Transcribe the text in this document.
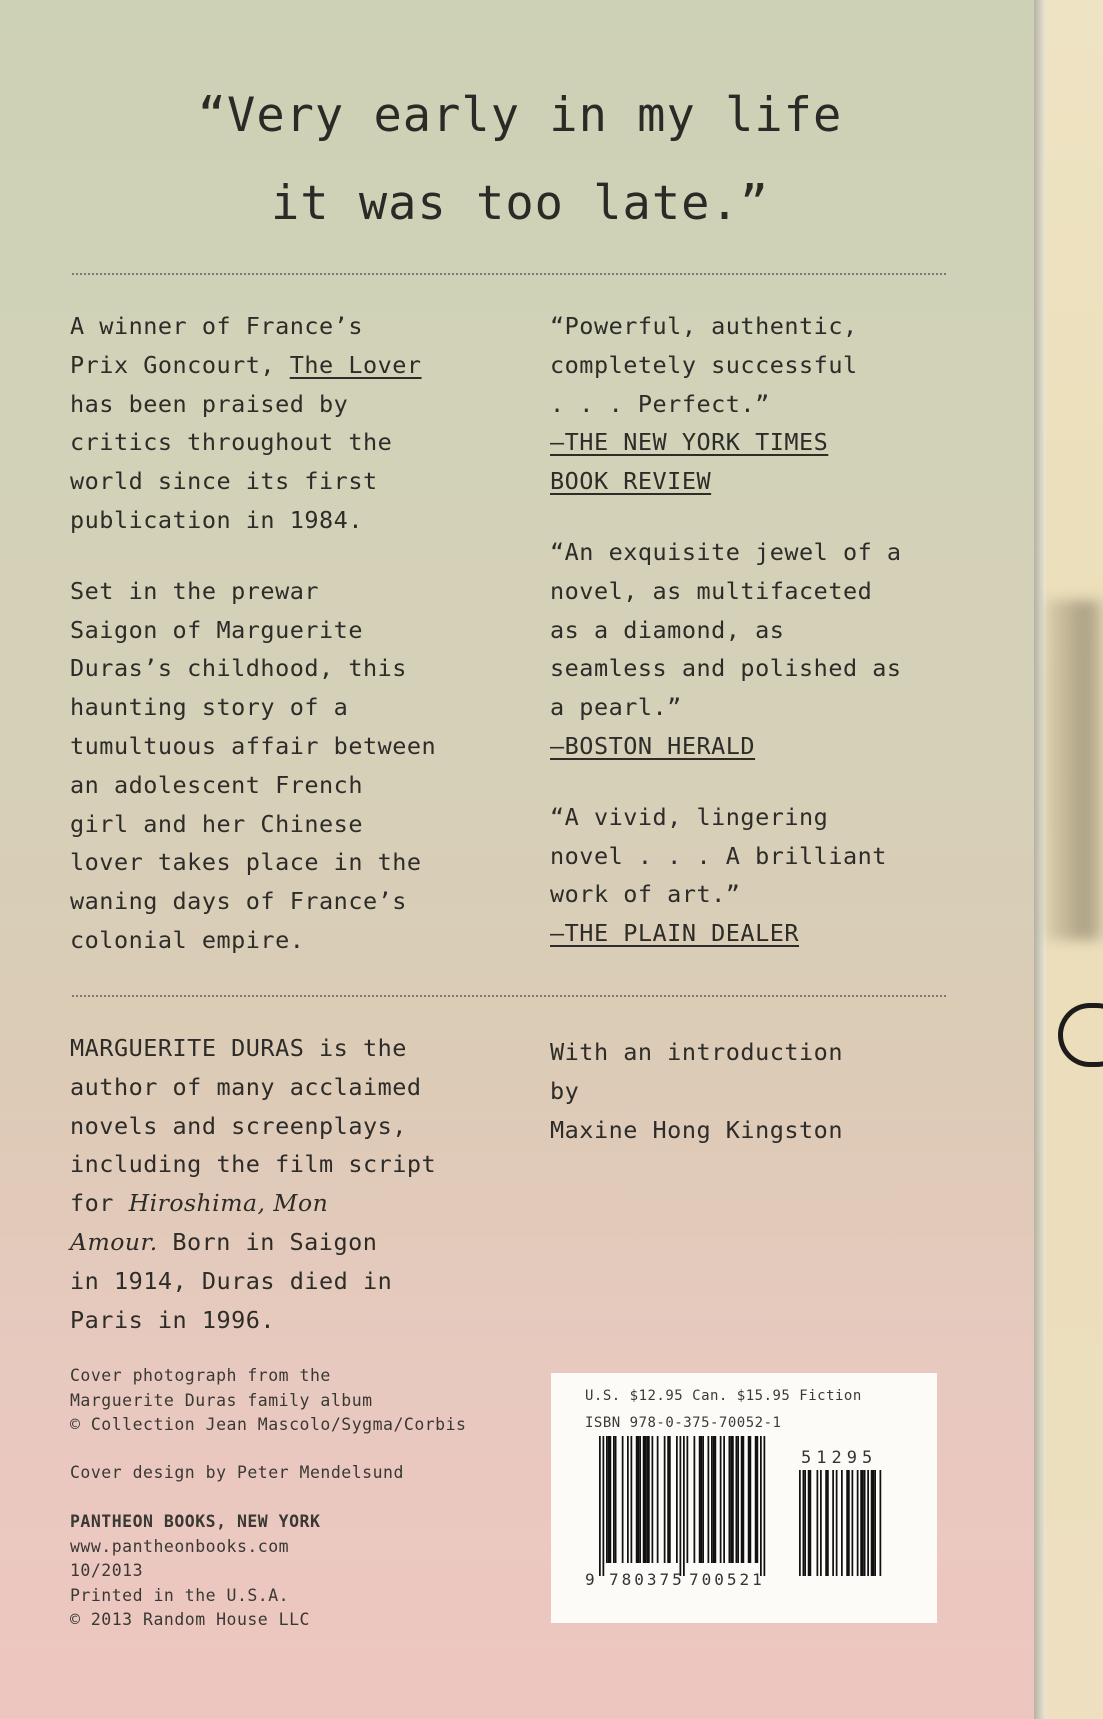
“Very early in my life
it was too late.”

A winner of France’s
Prix Goncourt, The Lover
has been praised by
critics throughout the
world since its first
publication in 1984.

Set in the prewar
Saigon of Marguerite
Duras’s childhood, this
haunting story of a
tumultuous affair between
an adolescent French
girl and her Chinese
lover takes place in the
waning days of France’s
colonial empire.

“Powerful, authentic,
completely successful
. . . Perfect.”
—THE NEW YORK TIMES
BOOK REVIEW

“An exquisite jewel of a
novel, as multifaceted
as a diamond, as
seamless and polished as
a pearl.”
—BOSTON HERALD

“A vivid, lingering
novel . . . A brilliant
work of art.”
—THE PLAIN DEALER

MARGUERITE DURAS is the
author of many acclaimed
novels and screenplays,
including the film script
for Hiroshima, Mon
Amour. Born in Saigon
in 1914, Duras died in
Paris in 1996.
With an introduction
by
Maxine Hong Kingston
Cover photograph from the
Marguerite Duras family album
© Collection Jean Mascolo/Sygma/Corbis
Cover design by Peter Mendelsund
PANTHEON BOOKS, NEW YORK
www.pantheonbooks.com
10/2013
Printed in the U.S.A.
© 2013 Random House LLC
U.S. $12.95 Can. $15.95 Fiction
ISBN 978-0-375-70052-1
51295
9 780375 700521
